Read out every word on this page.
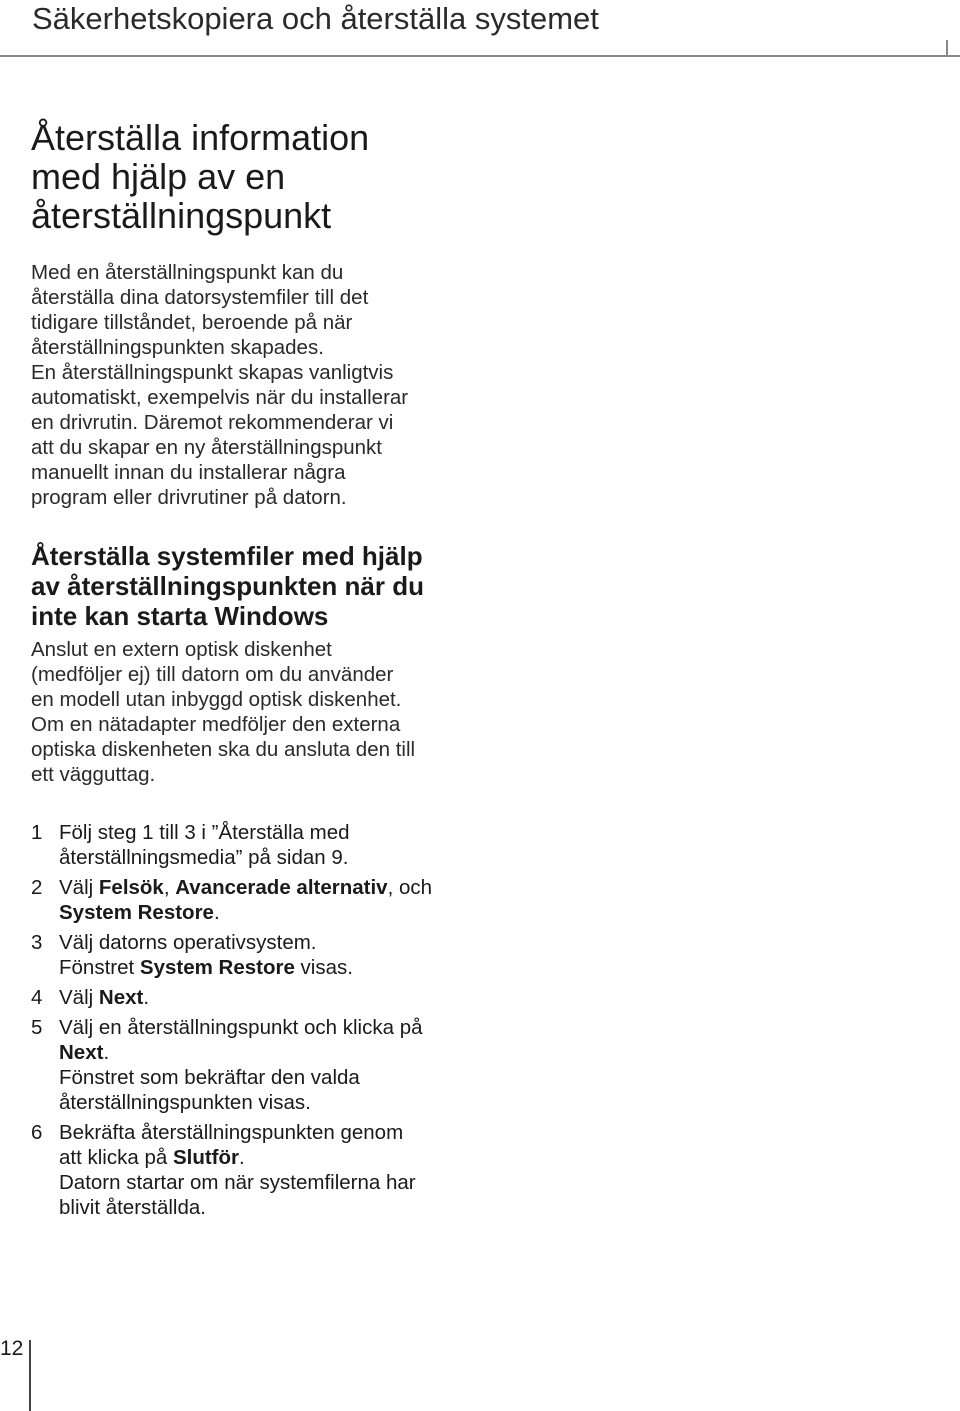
Säkerhetskopiera och återställa systemet
Återställa information
med hjälp av en
återställningspunkt
Med en återställningspunkt kan du
återställa dina datorsystemfiler till det
tidigare tillståndet, beroende på när
återställningspunkten skapades.
En återställningspunkt skapas vanligtvis
automatiskt, exempelvis när du installerar
en drivrutin. Däremot rekommenderar vi
att du skapar en ny återställningspunkt
manuellt innan du installerar några
program eller drivrutiner på datorn.
Återställa systemfiler med hjälp
av återställningspunkten när du
inte kan starta Windows
Anslut en extern optisk diskenhet
(medföljer ej) till datorn om du använder
en modell utan inbyggd optisk diskenhet.
Om en nätadapter medföljer den externa
optiska diskenheten ska du ansluta den till
ett vägguttag.
1 Följ steg 1 till 3 i ”Återställa med
återställningsmedia” på sidan 9.
2 Välj Felsök, Avancerade alternativ, och
System Restore.
3 Välj datorns operativsystem.
Fönstret System Restore visas.
4 Välj Next.
5 Välj en återställningspunkt och klicka på
Next.
Fönstret som bekräftar den valda
återställningspunkten visas.
6 Bekräfta återställningspunkten genom
att klicka på Slutför.
Datorn startar om när systemfilerna har
blivit återställda.
12
